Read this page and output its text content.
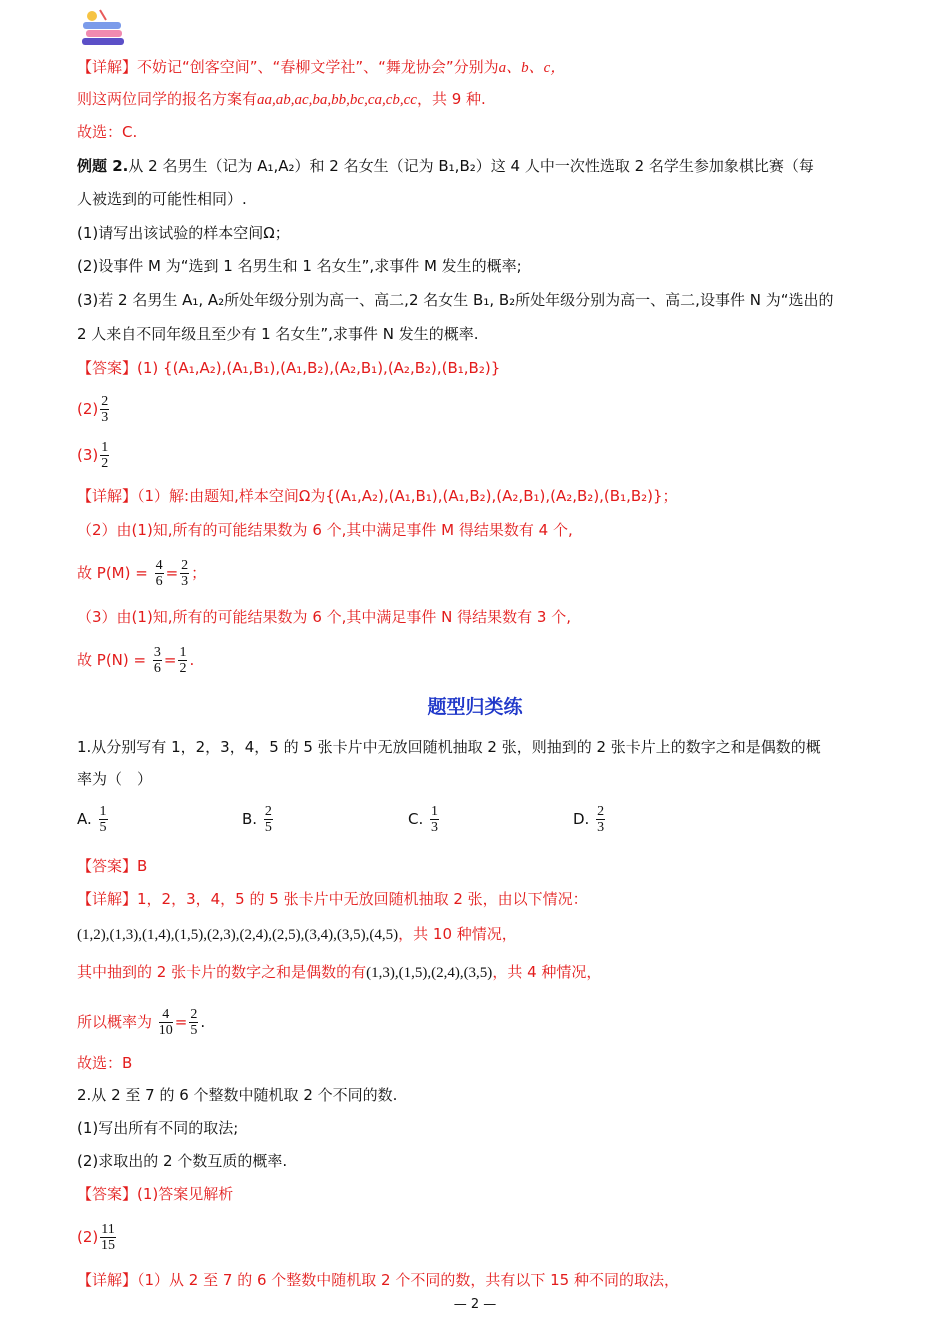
【详解】不妨记“创客空间”、“春柳文学社”、“舞龙协会”分别为a、b、c，
则这两位同学的报名方案有aa,ab,ac,ba,bb,bc,ca,cb,cc，共 9 种.
故选：C.
例题 2.从 2 名男生（记为 A₁,A₂）和 2 名女生（记为 B₁,B₂）这 4 人中一次性选取 2 名学生参加象棋比赛（每
人被选到的可能性相同）.
(1)请写出该试验的样本空间Ω；
(2)设事件 M 为“选到 1 名男生和 1 名女生”,求事件 M 发生的概率;
(3)若 2 名男生 A₁, A₂所处年级分别为高一、高二,2 名女生 B₁, B₂所处年级分别为高一、高二,设事件 N 为“选出的
2 人来自不同年级且至少有 1 名女生”,求事件 N 发生的概率.
【答案】(1) {(A₁,A₂),(A₁,B₁),(A₁,B₂),(A₂,B₁),(A₂,B₂),(B₁,B₂)}
$(2) \frac{2}{3}$
$(3) \frac{1}{2}$
【详解】（1）解:由题知,样本空间Ω为{(A₁,A₂),(A₁,B₁),(A₁,B₂),(A₂,B₁),(A₂,B₂),(B₁,B₂)}；
（2）由(1)知,所有的可能结果数为 6 个,其中满足事件 M 得结果数有 4 个,
故 $P(M) = \frac{4}{6} = \frac{2}{3}$ ；
（3）由(1)知,所有的可能结果数为 6 个,其中满足事件 N 得结果数有 3 个,
故 $P(N) = \frac{3}{6} = \frac{1}{2}$ .
题型归类练
1.从分别写有 1，2，3，4，5 的 5 张卡片中无放回随机抽取 2 张，则抽到的 2 张卡片上的数字之和是偶数的概
率为（　）
A. $\frac{1}{5}$	B. $\frac{2}{5}$	C. $\frac{1}{3}$	D. $\frac{2}{3}$
【答案】B
【详解】1，2，3，4，5 的 5 张卡片中无放回随机抽取 2 张，由以下情况：
(1,2),(1,3),(1,4),(1,5),(2,3),(2,4),(2,5),(3,4),(3,5),(4,5)，共 10 种情况，
其中抽到的 2 张卡片的数字之和是偶数的有(1,3),(1,5),(2,4),(3,5)，共 4 种情况，
所以概率为 $\frac{4}{10} = \frac{2}{5}$ .
故选：B
2.从 2 至 7 的 6 个整数中随机取 2 个不同的数.
(1)写出所有不同的取法;
(2)求取出的 2 个数互质的概率.
【答案】(1)答案见解析
$(2) \frac{11}{15}$
【详解】（1）从 2 至 7 的 6 个整数中随机取 2 个不同的数，共有以下 15 种不同的取法，
— 2 —
